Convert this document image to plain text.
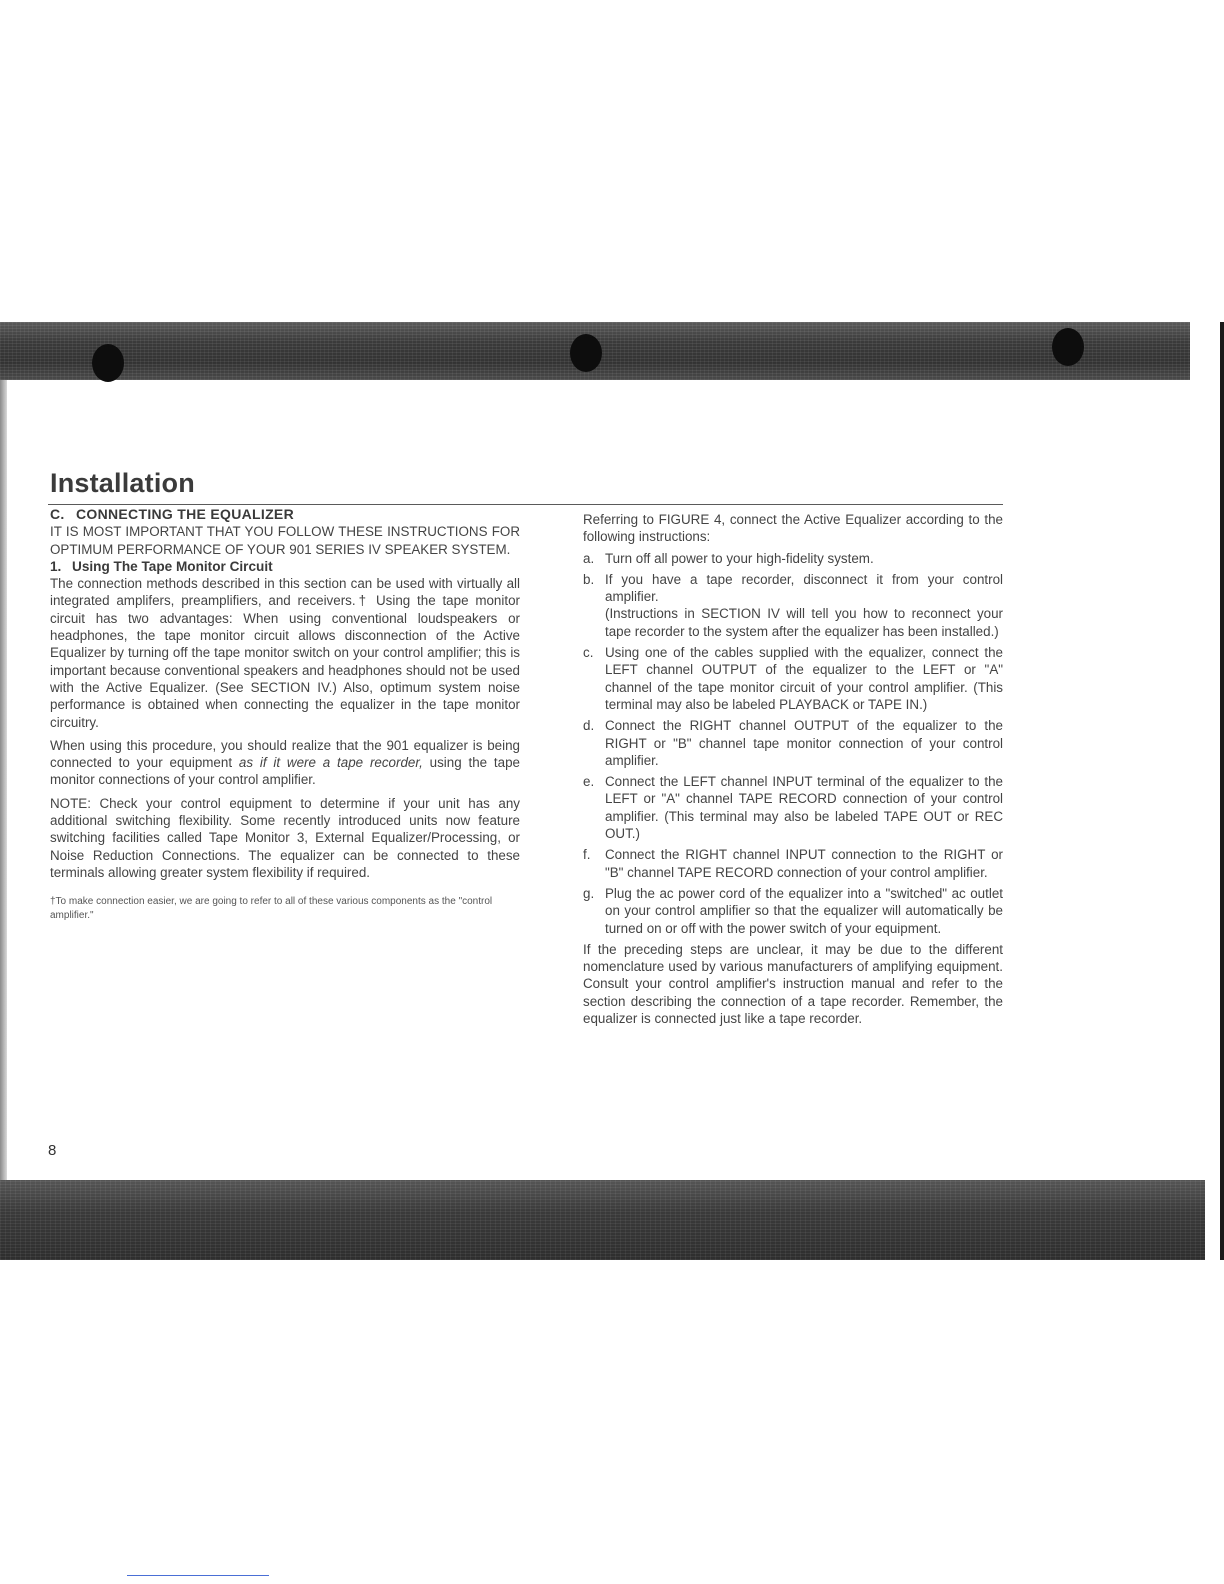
Installation

C. CONNECTING THE EQUALIZER

IT IS MOST IMPORTANT THAT YOU FOLLOW THESE INSTRUCTIONS FOR OPTIMUM PERFORMANCE OF YOUR 901 SERIES IV SPEAKER SYSTEM.

1. Using The Tape Monitor Circuit

The connection methods described in this section can be used with virtually all integrated amplifers, preamplifiers, and receivers.† Using the tape monitor circuit has two advantages: When using conventional loudspeakers or headphones, the tape monitor circuit allows disconnection of the Active Equalizer by turning off the tape monitor switch on your control amplifier; this is important because conventional speakers and headphones should not be used with the Active Equalizer. (See SECTION IV.) Also, optimum system noise performance is obtained when connecting the equalizer in the tape monitor circuitry.

When using this procedure, you should realize that the 901 equalizer is being connected to your equipment as if it were a tape recorder, using the tape monitor connections of your control amplifier.

NOTE: Check your control equipment to determine if your unit has any additional switching flexibility. Some recently introduced units now feature switching facilities called Tape Monitor 3, External Equalizer/Processing, or Noise Reduction Connections. The equalizer can be connected to these terminals allowing greater system flexibility if required.

†To make connection easier, we are going to refer to all of these various components as the "control amplifier."

Referring to FIGURE 4, connect the Active Equalizer according to the following instructions:

a. Turn off all power to your high-fidelity system.
b. If you have a tape recorder, disconnect it from your control amplifier.
(Instructions in SECTION IV will tell you how to reconnect your tape recorder to the system after the equalizer has been installed.)
c. Using one of the cables supplied with the equalizer, connect the LEFT channel OUTPUT of the equalizer to the LEFT or "A" channel of the tape monitor circuit of your control amplifier. (This terminal may also be labeled PLAYBACK or TAPE IN.)
d. Connect the RIGHT channel OUTPUT of the equalizer to the RIGHT or "B" channel tape monitor connection of your control amplifier.
e. Connect the LEFT channel INPUT terminal of the equalizer to the LEFT or "A" channel TAPE RECORD connection of your control amplifier. (This terminal may also be labeled TAPE OUT or REC OUT.)
f.	Connect the RIGHT channel INPUT connection to the RIGHT or "B" channel TAPE RECORD connection of your control amplifier.
g. Plug the ac power cord of the equalizer into a "switched" ac outlet on your control amplifier so that the equalizer will automatically be turned on or off with the power switch of your equipment.

If the preceding steps are unclear, it may be due to the different nomenclature used by various manufacturers of amplifying equipment. Consult your control amplifier's instruction manual and refer to the section describing the connection of a tape recorder. Remember, the equalizer is connected just like a tape recorder.

8
